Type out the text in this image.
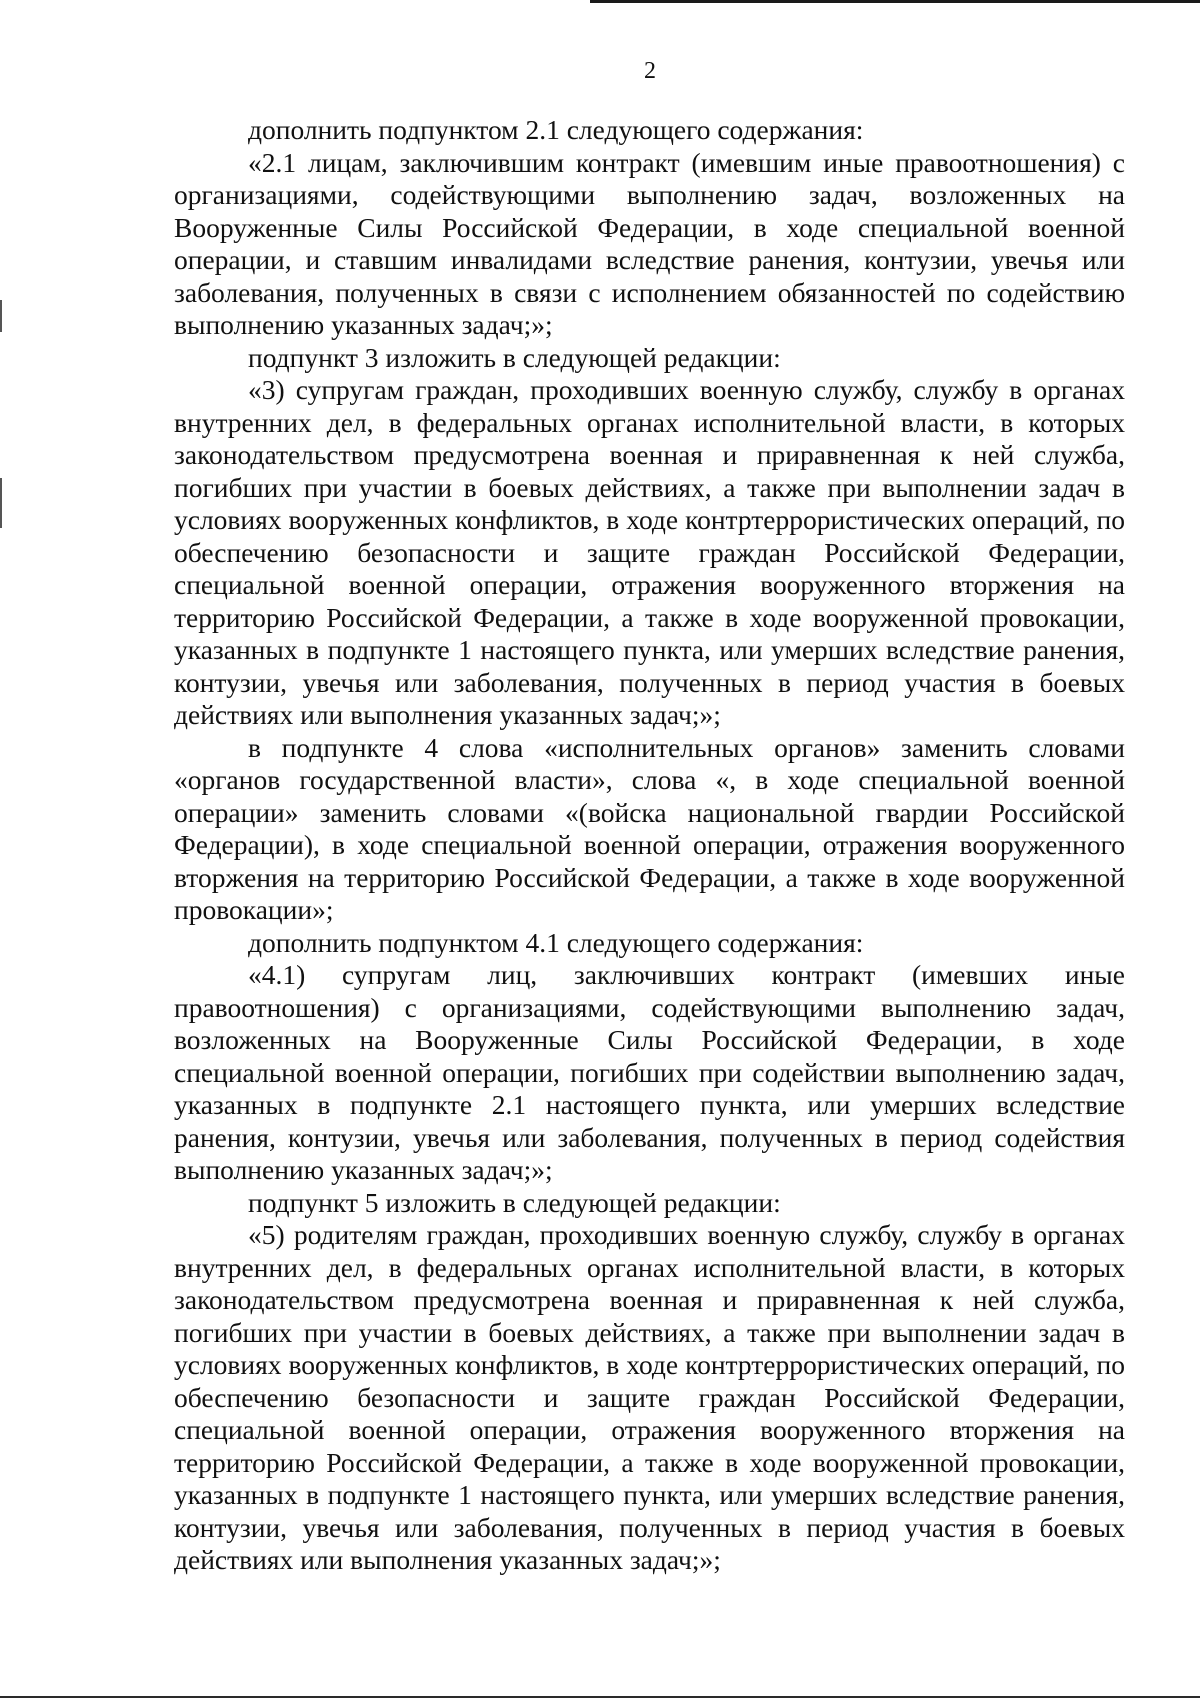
2

дополнить подпунктом 2.1 следующего содержания:

«2.1 лицам, заключившим контракт (имевшим иные правоотношения) с организациями, содействующими выполнению задач, возложенных на Вооруженные Силы Российской Федерации, в ходе специальной военной операции, и ставшим инвалидами вследствие ранения, контузии, увечья или заболевания, полученных в связи с исполнением обязанностей по содействию выполнению указанных задач;»;

подпункт 3 изложить в следующей редакции:

«3) супругам граждан, проходивших военную службу, службу в органах внутренних дел, в федеральных органах исполнительной власти, в которых законодательством предусмотрена военная и приравненная к ней служба, погибших при участии в боевых действиях, а также при выполнении задач в условиях вооруженных конфликтов, в ходе контртеррористических операций, по обеспечению безопасности и защите граждан Российской Федерации, специальной военной операции, отражения вооруженного вторжения на территорию Российской Федерации, а также в ходе вооруженной провокации, указанных в подпункте 1 настоящего пункта, или умерших вследствие ранения, контузии, увечья или заболевания, полученных в период участия в боевых действиях или выполнения указанных задач;»;

в подпункте 4 слова «исполнительных органов» заменить словами «органов государственной власти», слова «, в ходе специальной военной операции» заменить словами «(войска национальной гвардии Российской Федерации), в ходе специальной военной операции, отражения вооруженного вторжения на территорию Российской Федерации, а также в ходе вооруженной провокации»;

дополнить подпунктом 4.1 следующего содержания:

«4.1) супругам лиц, заключивших контракт (имевших иные правоотношения) с организациями, содействующими выполнению задач, возложенных на Вооруженные Силы Российской Федерации, в ходе специальной военной операции, погибших при содействии выполнению задач, указанных в подпункте 2.1 настоящего пункта, или умерших вследствие ранения, контузии, увечья или заболевания, полученных в период содействия выполнению указанных задач;»;

подпункт 5 изложить в следующей редакции:

«5) родителям граждан, проходивших военную службу, службу в органах внутренних дел, в федеральных органах исполнительной власти, в которых законодательством предусмотрена военная и приравненная к ней служба, погибших при участии в боевых действиях, а также при выполнении задач в условиях вооруженных конфликтов, в ходе контртеррористических операций, по обеспечению безопасности и защите граждан Российской Федерации, специальной военной операции, отражения вооруженного вторжения на территорию Российской Федерации, а также в ходе вооруженной провокации, указанных в подпункте 1 настоящего пункта, или умерших вследствие ранения, контузии, увечья или заболевания, полученных в период участия в боевых действиях или выполнения указанных задач;»;
